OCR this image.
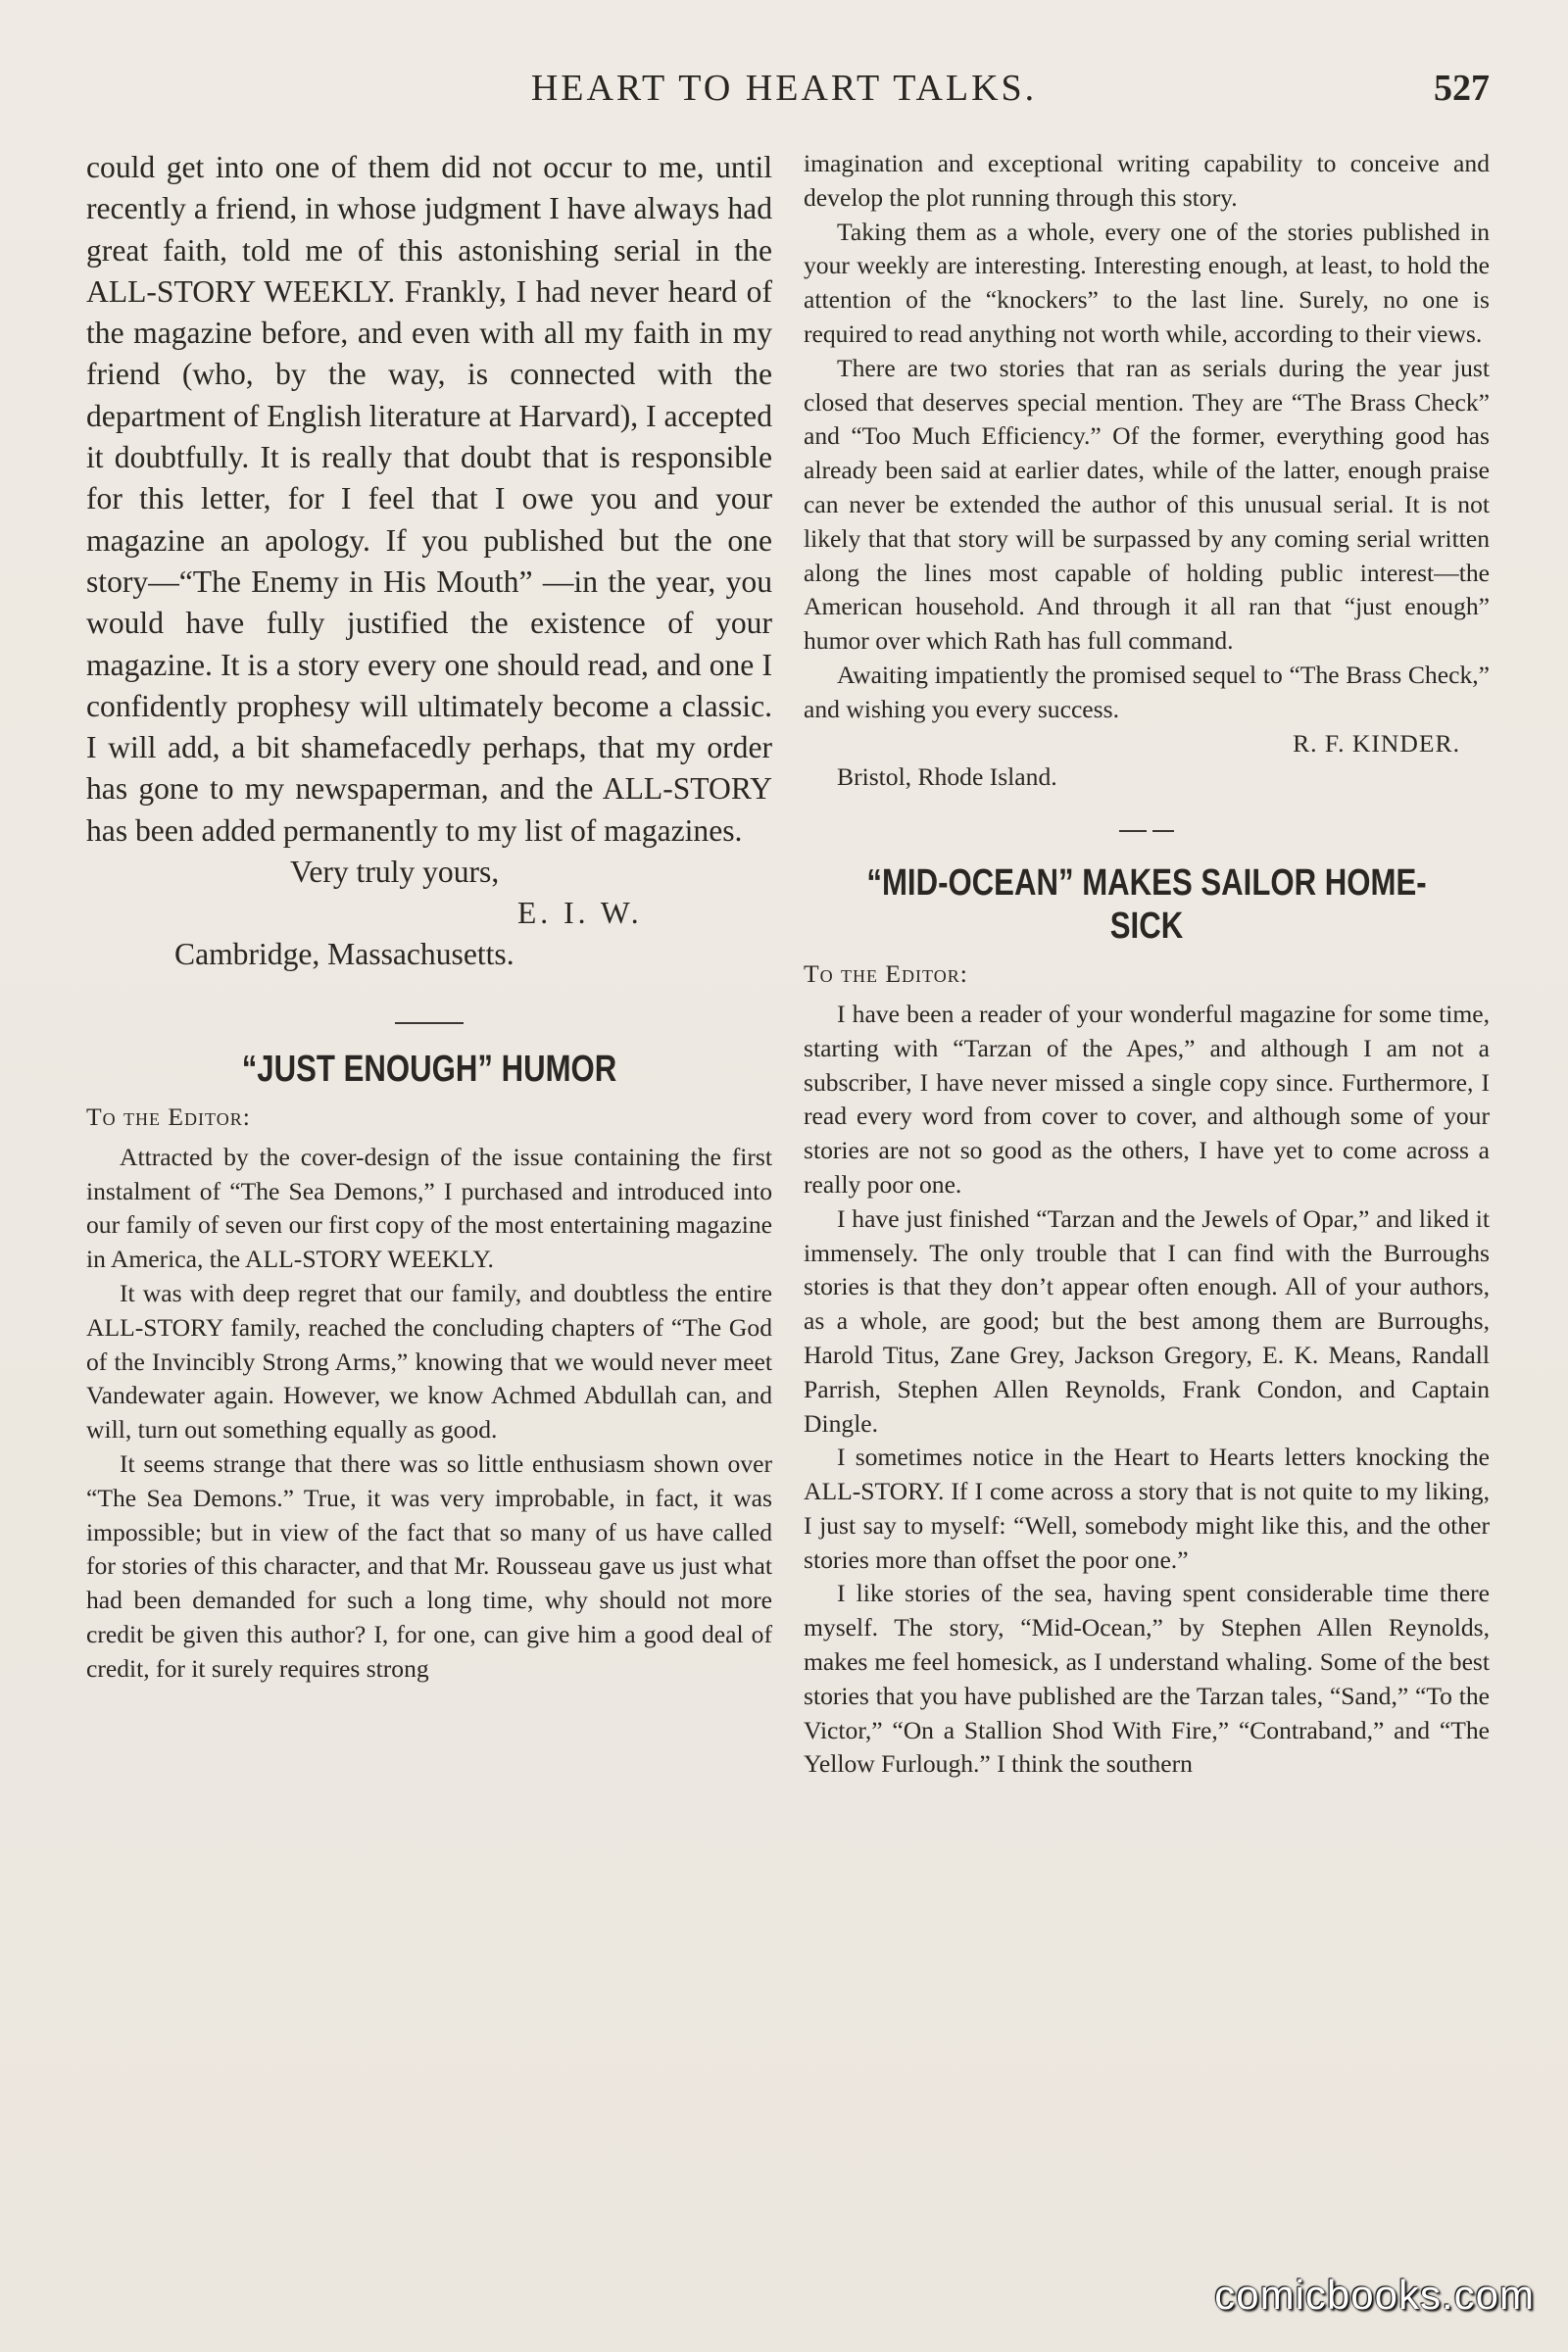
HEART TO HEART TALKS.	527

could get into one of them did not occur to me, until recently a friend, in whose judgment I have always had great faith, told me of this astonishing serial in the ALL-STORY WEEKLY. Frankly, I had never heard of the magazine before, and even with all my faith in my friend (who, by the way, is connected with the department of English literature at Harvard), I accepted it doubtfully. It is really that doubt that is responsible for this letter, for I feel that I owe you and your magazine an apology. If you published but the one story—“The Enemy in His Mouth” —in the year, you would have fully justified the existence of your magazine. It is a story every one should read, and one I confidently prophesy will ultimately become a classic. I will add, a bit shamefacedly perhaps, that my order has gone to my newspaperman, and the ALL-STORY has been added permanently to my list of magazines.

Very truly yours,

E. I. W.

Cambridge, Massachusetts.

“JUST ENOUGH” HUMOR
To the Editor:

Attracted by the cover-design of the issue containing the first instalment of “The Sea Demons,” I purchased and introduced into our family of seven our first copy of the most entertaining magazine in America, the ALL-STORY WEEKLY.

It was with deep regret that our family, and doubtless the entire ALL-STORY family, reached the concluding chapters of “The God of the Invincibly Strong Arms,” knowing that we would never meet Vandewater again. However, we know Achmed Abdullah can, and will, turn out something equally as good.

It seems strange that there was so little enthusiasm shown over “The Sea Demons.” True, it was very improbable, in fact, it was impossible; but in view of the fact that so many of us have called for stories of this character, and that Mr. Rousseau gave us just what had been demanded for such a long time, why should not more credit be given this author? I, for one, can give him a good deal of credit, for it surely requires strong

imagination and exceptional writing capability to conceive and develop the plot running through this story.

Taking them as a whole, every one of the stories published in your weekly are interesting. Interesting enough, at least, to hold the attention of the “knockers” to the last line. Surely, no one is required to read anything not worth while, according to their views.

There are two stories that ran as serials during the year just closed that deserves special mention. They are “The Brass Check” and “Too Much Efficiency.” Of the former, everything good has already been said at earlier dates, while of the latter, enough praise can never be extended the author of this unusual serial. It is not likely that that story will be surpassed by any coming serial written along the lines most capable of holding public interest—the American household. And through it all ran that “just enough” humor over which Rath has full command.

Awaiting impatiently the promised sequel to “The Brass Check,” and wishing you every success.

R. F. KINDER.

Bristol, Rhode Island.

“MID-OCEAN” MAKES SAILOR HOME-SICK
To the Editor:

I have been a reader of your wonderful magazine for some time, starting with “Tarzan of the Apes,” and although I am not a subscriber, I have never missed a single copy since. Furthermore, I read every word from cover to cover, and although some of your stories are not so good as the others, I have yet to come across a really poor one.

I have just finished “Tarzan and the Jewels of Opar,” and liked it immensely. The only trouble that I can find with the Burroughs stories is that they don’t appear often enough. All of your authors, as a whole, are good; but the best among them are Burroughs, Harold Titus, Zane Grey, Jackson Gregory, E. K. Means, Randall Parrish, Stephen Allen Reynolds, Frank Condon, and Captain Dingle.

I sometimes notice in the Heart to Hearts letters knocking the ALL-STORY. If I come across a story that is not quite to my liking, I just say to myself: “Well, somebody might like this, and the other stories more than offset the poor one.”

I like stories of the sea, having spent considerable time there myself. The story, “Mid-Ocean,” by Stephen Allen Reynolds, makes me feel homesick, as I understand whaling. Some of the best stories that you have published are the Tarzan tales, “Sand,” “To the Victor,” “On a Stallion Shod With Fire,” “Contraband,” and “The Yellow Furlough.” I think the southern

comicbooks.com
